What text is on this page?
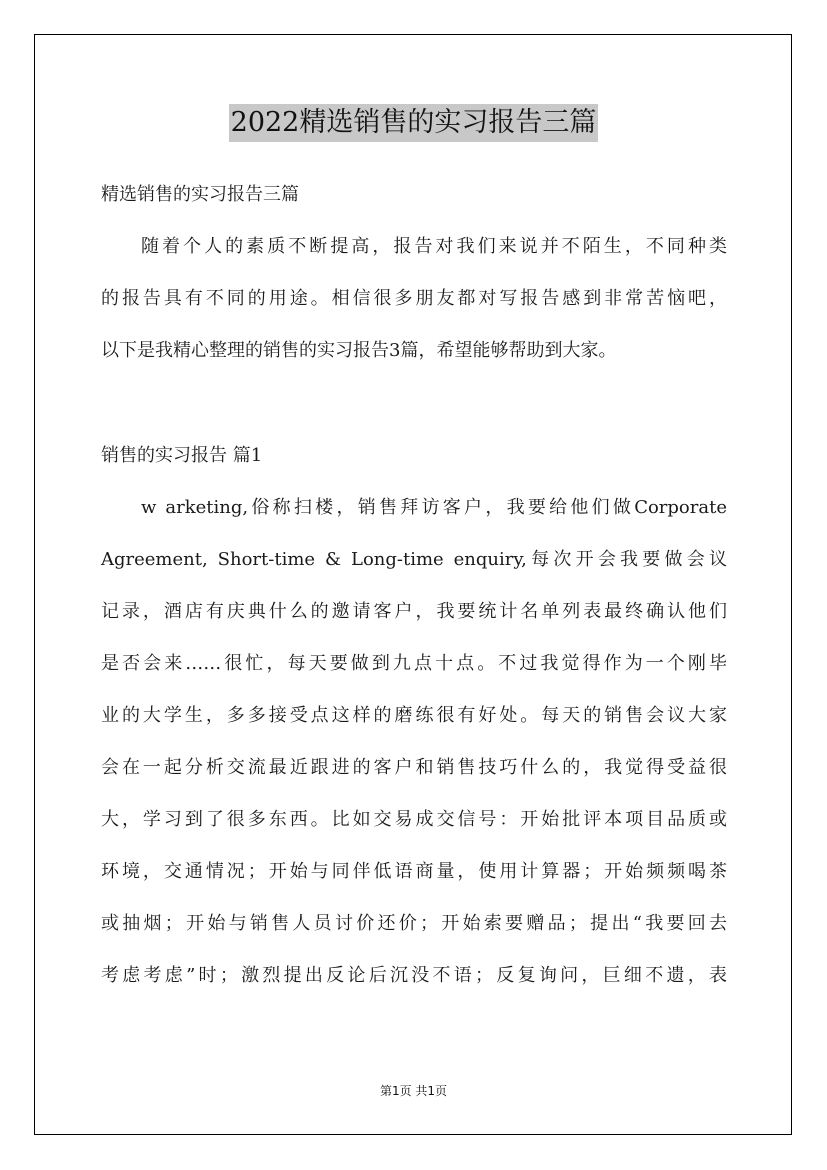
2022精选销售的实习报告三篇
精选销售的实习报告三篇
随着个人的素质不断提高，报告对我们来说并不陌生，不同种类
的报告具有不同的用途。相信很多朋友都对写报告感到非常苦恼吧，
以下是我精心整理的销售的实习报告3篇，希望能够帮助到大家。
销售的实习报告 篇1
w arketing,俗称扫楼，销售拜访客户，我要给他们做Corporate
Agreement, Short-time & Long-time enquiry,每次开会我要做会议
记录，酒店有庆典什么的邀请客户，我要统计名单列表最终确认他们
是否会来……很忙，每天要做到九点十点。不过我觉得作为一个刚毕
业的大学生，多多接受点这样的磨练很有好处。每天的销售会议大家
会在一起分析交流最近跟进的客户和销售技巧什么的，我觉得受益很
大，学习到了很多东西。比如交易成交信号：开始批评本项目品质或
环境，交通情况；开始与同伴低语商量，使用计算器；开始频频喝茶
或抽烟；开始与销售人员讨价还价；开始索要赠品；提出“我要回去
考虑考虑”时；激烈提出反论后沉没不语；反复询问，巨细不遗，表
第1页 共1页
